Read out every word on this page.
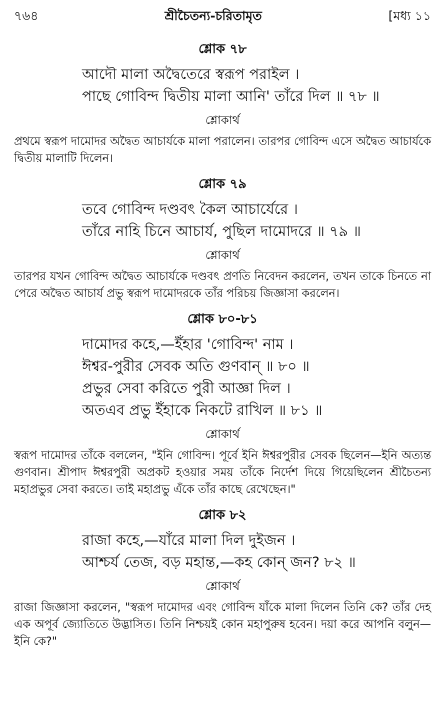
৭৬৪	শ্রীচৈতন্য-চরিতামৃত	[মধ্য ১১
শ্লোক ৭৮
আদৌ মালা অদ্বৈতেরে স্বরূপ পরাইল ।
পাছে গোবিন্দ দ্বিতীয় মালা আনি' তাঁরে দিল ॥ ৭৮ ॥
শ্লোকার্থ

প্রথমে স্বরূপ দামোদর অদ্বৈত আচার্যকে মালা পরালেন। তারপর গোবিন্দ এসে অদ্বৈত আচার্যকে দ্বিতীয় মালাটি দিলেন।

শ্লোক ৭৯
তবে গোবিন্দ দণ্ডবৎ কৈল আচার্যেরে ।
তাঁরে নাহি চিনে আচার্য, পুছিল দামোদরে ॥ ৭৯ ॥
শ্লোকার্থ

তারপর যখন গোবিন্দ অদ্বৈত আচার্যকে দণ্ডবৎ প্রণতি নিবেদন করলেন, তখন তাকে চিনতে না পেরে অদ্বৈত আচার্য প্রভু স্বরূপ দামোদরকে তাঁর পরিচয় জিজ্ঞাসা করলেন।

শ্লোক ৮০-৮১
দামোদর কহে,—ইঁহার 'গোবিন্দ' নাম ।
ঈশ্বর-পুরীর সেবক অতি গুণবান্ ॥ ৮০ ॥
প্রভুর সেবা করিতে পুরী আজ্ঞা দিল ।
অতএব প্রভু ইঁহাকে নিকটে রাখিল ॥ ৮১ ॥
শ্লোকার্থ

স্বরূপ দামোদর তাঁকে বললেন, "ইনি গোবিন্দ। পূর্বে ইনি ঈশ্বরপুরীর সেবক ছিলেন—ইনি অত্যন্ত গুণবান। শ্রীপাদ ঈশ্বরপুরী অপ্রকট হওয়ার সময় তাঁকে নির্দেশ দিয়ে গিয়েছিলেন শ্রীচৈতন্য মহাপ্রভুর সেবা করতে। তাই মহাপ্রভু এঁকে তাঁর কাছে রেখেছেন।"

শ্লোক ৮২
রাজা কহে,—যাঁরে মালা দিল দুইজন ।
আশ্চর্য তেজ, বড় মহান্ত,—কহ কোন্ জন? ৮২ ॥
শ্লোকার্থ

রাজা জিজ্ঞাসা করলেন, "স্বরূপ দামোদর এবং গোবিন্দ যাঁকে মালা দিলেন তিনি কে? তাঁর দেহ এক অপূর্ব জ্যোতিতে উদ্ভাসিত। তিনি নিশ্চয়ই কোন মহাপুরুষ হবেন। দয়া করে আপনি বলুন—ইনি কে?"
